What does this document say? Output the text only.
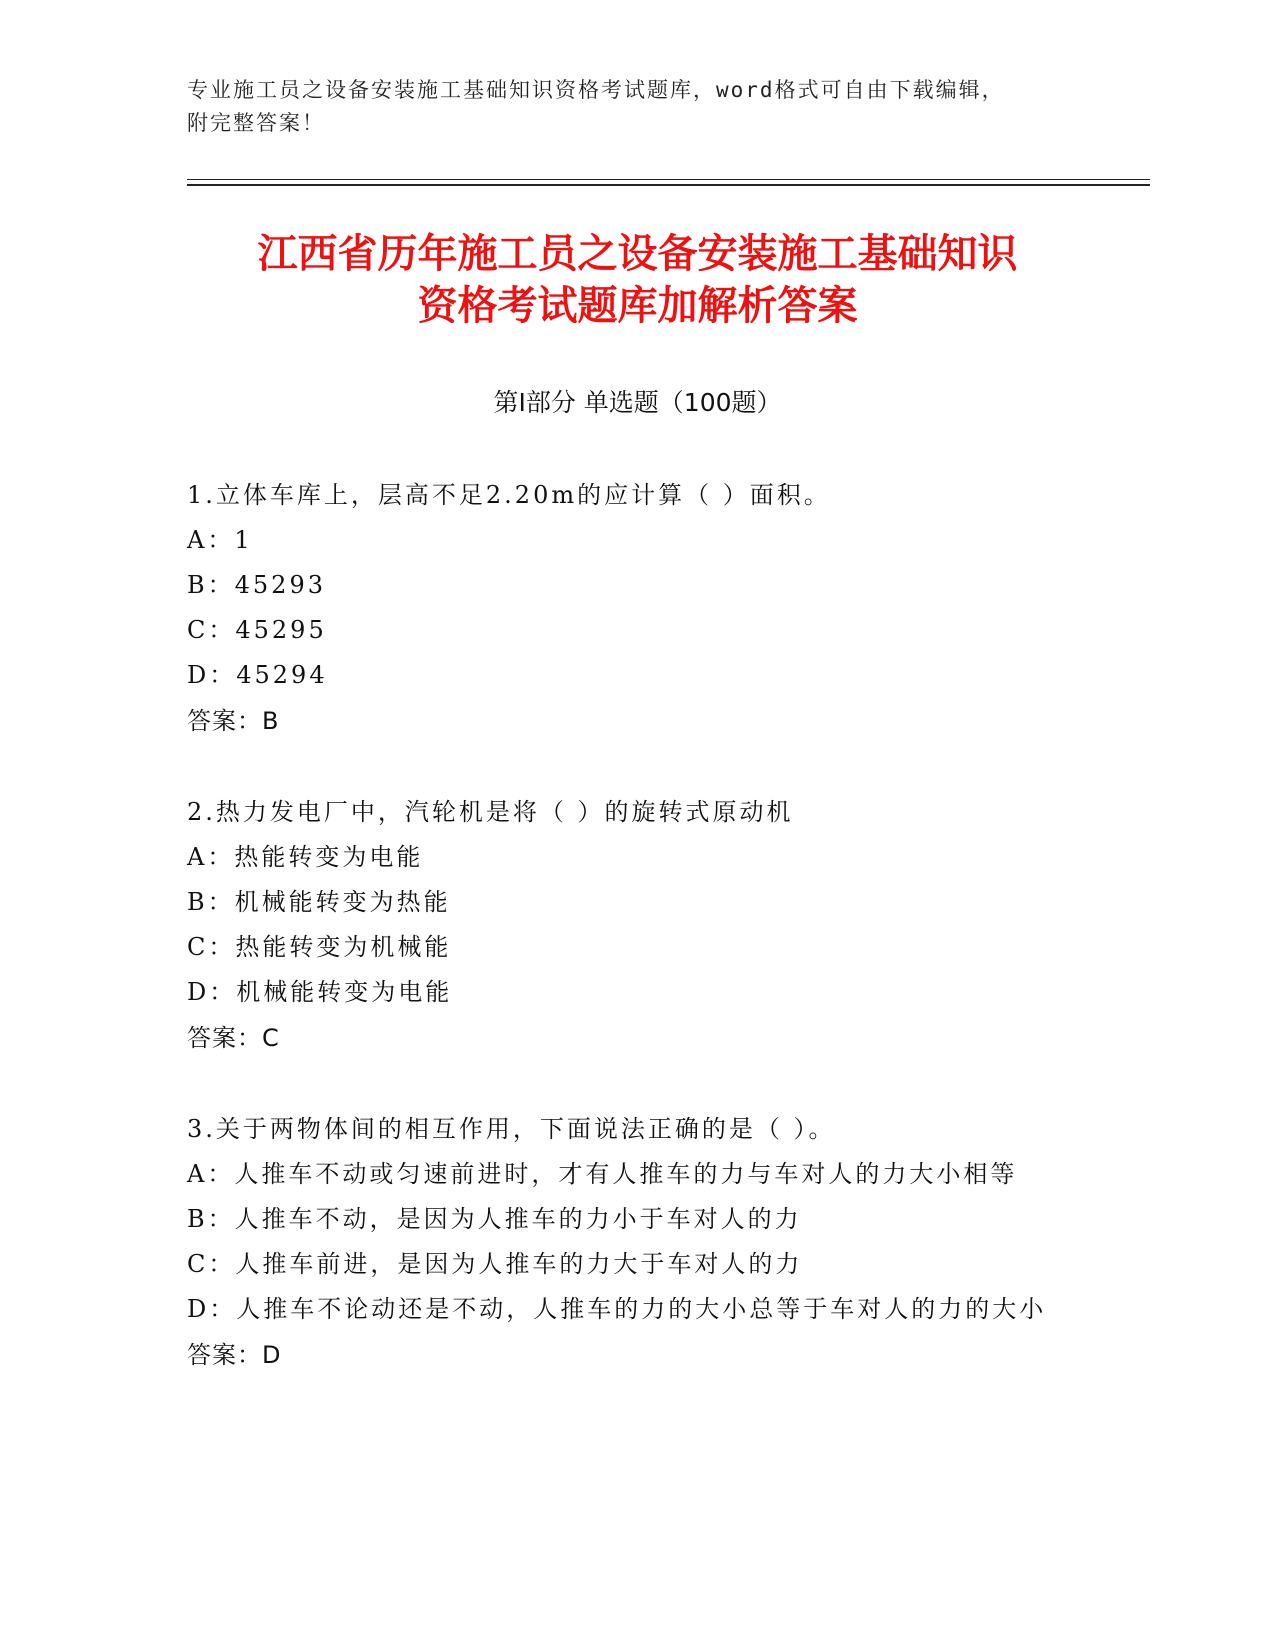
专业施工员之设备安装施工基础知识资格考试题库，word格式可自由下载编辑，
附完整答案！
江西省历年施工员之设备安装施工基础知识
资格考试题库加解析答案
第I部分 单选题（100题）
1.立体车库上，层高不足2.20m的应计算（ ）面积。
A：1
B：45293
C：45295
D：45294
答案：B
2.热力发电厂中，汽轮机是将（ ）的旋转式原动机
A：热能转变为电能
B：机械能转变为热能
C：热能转变为机械能
D：机械能转变为电能
答案：C
3.关于两物体间的相互作用，下面说法正确的是（ ）。
A：人推车不动或匀速前进时，才有人推车的力与车对人的力大小相等
B：人推车不动，是因为人推车的力小于车对人的力
C：人推车前进，是因为人推车的力大于车对人的力
D：人推车不论动还是不动，人推车的力的大小总等于车对人的力的大小
答案：D
